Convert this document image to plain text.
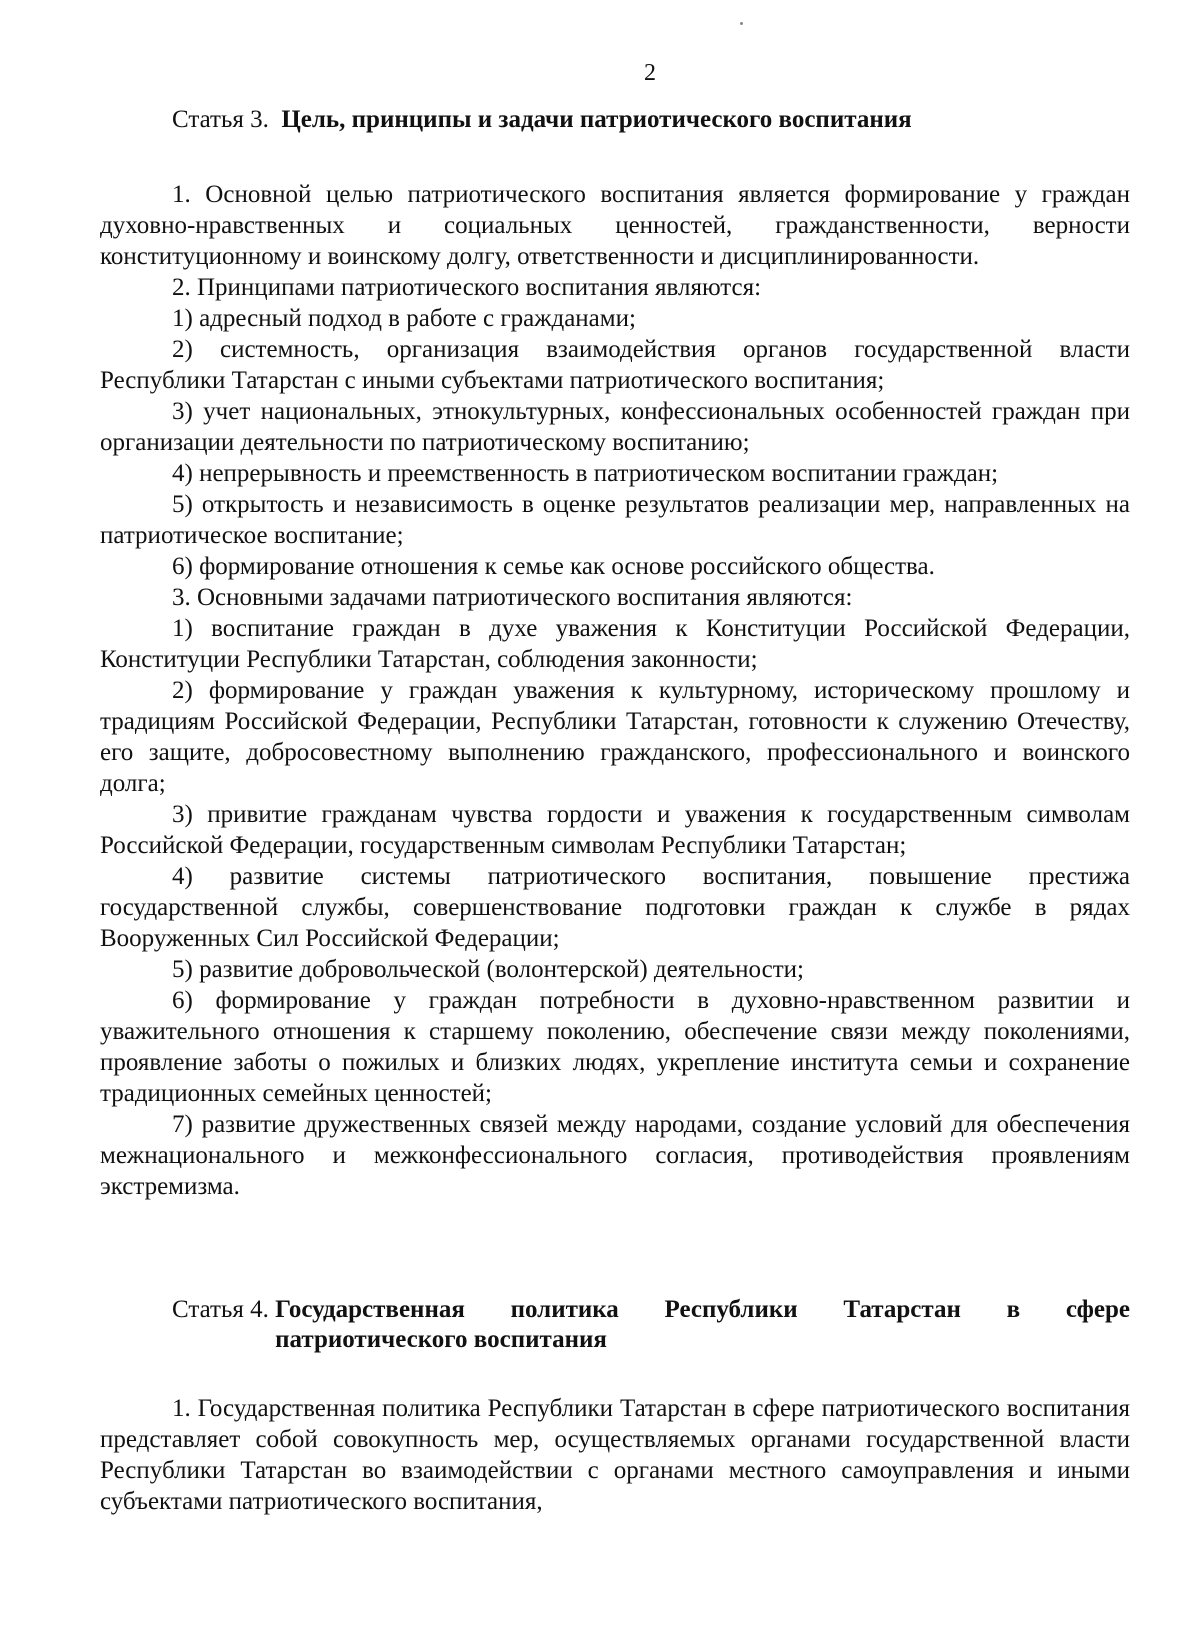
2
Статья 3.
Цель, принципы и задачи патриотического воспитания

1. Основной целью патриотического воспитания является формирование у граждан духовно-нравственных и социальных ценностей, гражданственности, верности конституционному и воинскому долгу, ответственности и дисциплинированности.

2. Принципами патриотического воспитания являются:

1) адресный подход в работе с гражданами;

2) системность, организация взаимодействия органов государственной власти Республики Татарстан с иными субъектами патриотического воспитания;

3) учет национальных, этнокультурных, конфессиональных особенностей граждан при организации деятельности по патриотическому воспитанию;

4) непрерывность и преемственность в патриотическом воспитании граждан;

5) открытость и независимость в оценке результатов реализации мер, направленных на патриотическое воспитание;

6) формирование отношения к семье как основе российского общества.

3. Основными задачами патриотического воспитания являются:

1) воспитание граждан в духе уважения к Конституции Российской Федерации, Конституции Республики Татарстан, соблюдения законности;

2) формирование у граждан уважения к культурному, историческому прошлому и традициям Российской Федерации, Республики Татарстан, готовности к служению Отечеству, его защите, добросовестному выполнению гражданского, профессионального и воинского долга;

3) привитие гражданам чувства гордости и уважения к государственным символам Российской Федерации, государственным символам Республики Татарстан;

4) развитие системы патриотического воспитания, повышение престижа государственной службы, совершенствование подготовки граждан к службе в рядах Вооруженных Сил Российской Федерации;

5) развитие добровольческой (волонтерской) деятельности;

6) формирование у граждан потребности в духовно-нравственном развитии и уважительного отношения к старшему поколению, обеспечение связи между поколениями, проявление заботы о пожилых и близких людях, укрепление института семьи и сохранение традиционных семейных ценностей;

7) развитие дружественных связей между народами, создание условий для обеспечения межнационального и межконфессионального согласия, противодействия проявлениям экстремизма.

Статья 4.
Государственная политика Республики Татарстан в сфере патриотического воспитания

1. Государственная политика Республики Татарстан в сфере патриотического воспитания представляет собой совокупность мер, осуществляемых органами государственной власти Республики Татарстан во взаимодействии с органами местного самоуправления и иными субъектами патриотического воспитания,
